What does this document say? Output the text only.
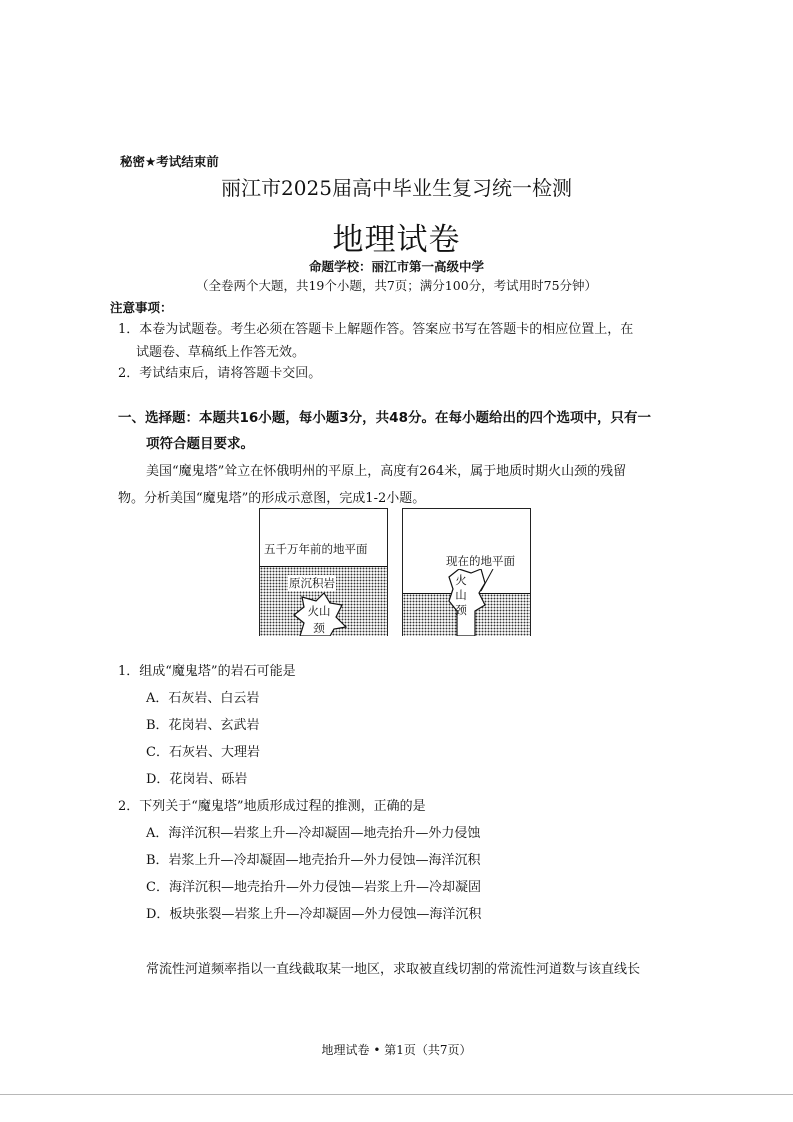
秘密★考试结束前
丽江市2025届高中毕业生复习统一检测
地理试卷
命题学校：丽江市第一高级中学
（全卷两个大题，共19个小题，共7页；满分100分，考试用时75分钟）
注意事项：
1．本卷为试题卷。考生必须在答题卡上解题作答。答案应书写在答题卡的相应位置上，在
试题卷、草稿纸上作答无效。
2．考试结束后，请将答题卡交回。
一、选择题：本题共16小题，每小题3分，共48分。在每小题给出的四个选项中，只有一
项符合题目要求。
美国“魔鬼塔”耸立在怀俄明州的平原上，高度有264米，属于地质时期火山颈的残留
物。分析美国“魔鬼塔”的形成示意图，完成1-2小题。
五千万年前的地平面
原沉积岩
火山颈
现在的地平面
火山颈
1．组成“魔鬼塔”的岩石可能是
A．石灰岩、白云岩
B．花岗岩、玄武岩
C．石灰岩、大理岩
D．花岗岩、砾岩
2．下列关于“魔鬼塔”地质形成过程的推测，正确的是
A．海洋沉积—岩浆上升—冷却凝固—地壳抬升—外力侵蚀
B．岩浆上升—冷却凝固—地壳抬升—外力侵蚀—海洋沉积
C．海洋沉积—地壳抬升—外力侵蚀—岩浆上升—冷却凝固
D．板块张裂—岩浆上升—冷却凝固—外力侵蚀—海洋沉积
常流性河道频率指以一直线截取某一地区，求取被直线切割的常流性河道数与该直线长
地理试卷 • 第1页（共7页）
